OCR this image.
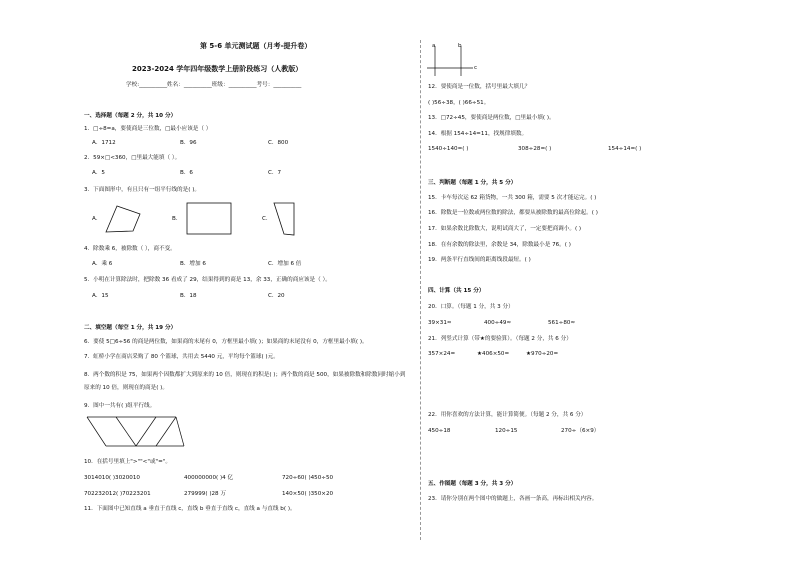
第 5-6 单元测试题（月考-提升卷）
2023-2024 学年四年级数学上册阶段练习（人教版）
学校:__________姓名：__________班级：__________考号：__________
一、选择题（每题 2 分，共 10 分）
1．□÷8=a，要使商是三位数，□最小应该是（ ）
A．1712	B．96	C．800
2．59×□<360，□里最大能填（ ）。
A．5	B．6	C．7
3．下面图形中，有且只有一组平行线的是( )。
A．	B．	C．
4．除数乘 6，被除数（ ），商不变。
A．乘 6	B．增加 6	C．增加 6 倍
5．小明在计算除法时，把除数 36 看成了 29，结果得到的商是 13，余 33，正确的商应该是（ ）。
A．15	B．18	C．20
二、填空题（每空 1 分，共 19 分）
6．要使 5□6÷56 的商是两位数，如果商的末尾有 0，方框里最小填( )；如果商的末尾没有 0，方框里最小填( )。
7．虹桥小学在商店采购了 80 个篮球，共用去 5440 元，平均每个篮球( )元。
8．两个数的积是 75，如果两个因数都扩大到原来的 10 倍，则现在的积是( )；两个数的商是 500，如果被除数和除数同时缩小到原来的 10 倍，则现在的商是( )。
9．图中一共有( )组平行线。
10．在括号里填上">""<"或"="。
3014010( )3020010	400000000( )4 亿	720÷60( )450÷50
702232012( )70223201	279999( )28 万	140×50( )350×20
11．下面图中已知直线 a 垂直于直线 c，直线 b 垂直于直线 c，直线 a 与直线 b( )。
a	b
c
12．要使商是一位数，括号里最大填几？
( )56÷38，( )66÷51。
13．□72÷45，要使商是两位数，□里最小填( )。
14．根据 154÷14=11，找规律填数。
1540÷140=( )	308÷28=( )	154÷14=( )
三、判断题（每题 1 分，共 5 分）
15．卡车每次运 62 箱货物，一共 300 箱，需要 5 次才能运完。( )
16．除数是一位数或两位数的除法，都要从被除数的最高位除起。( )
17．如果余数比除数大，说明试商大了，一定要把商调小。( )
18．在有余数的除法里，余数是 34，除数最小是 76。( )
19．两条平行直线间的距离线段最短。( )
四、计算（共 15 分）
20．口算。（每题 1 分，共 3 分）
39×31≈	400÷49≈	561÷80≈
21．列竖式计算（带★的要验算）。（每题 2 分，共 6 分）
357×24=	★406×50=	★970÷20=
22．用你喜欢的方法计算，能计算简便。（每题 2 分，共 6 分）
450÷18	120÷15	270÷（6×9）
五、作图题（每题 3 分，共 3 分）
23．请你分别在两个图中的做题上，各画一条高，再标出相关内容。
